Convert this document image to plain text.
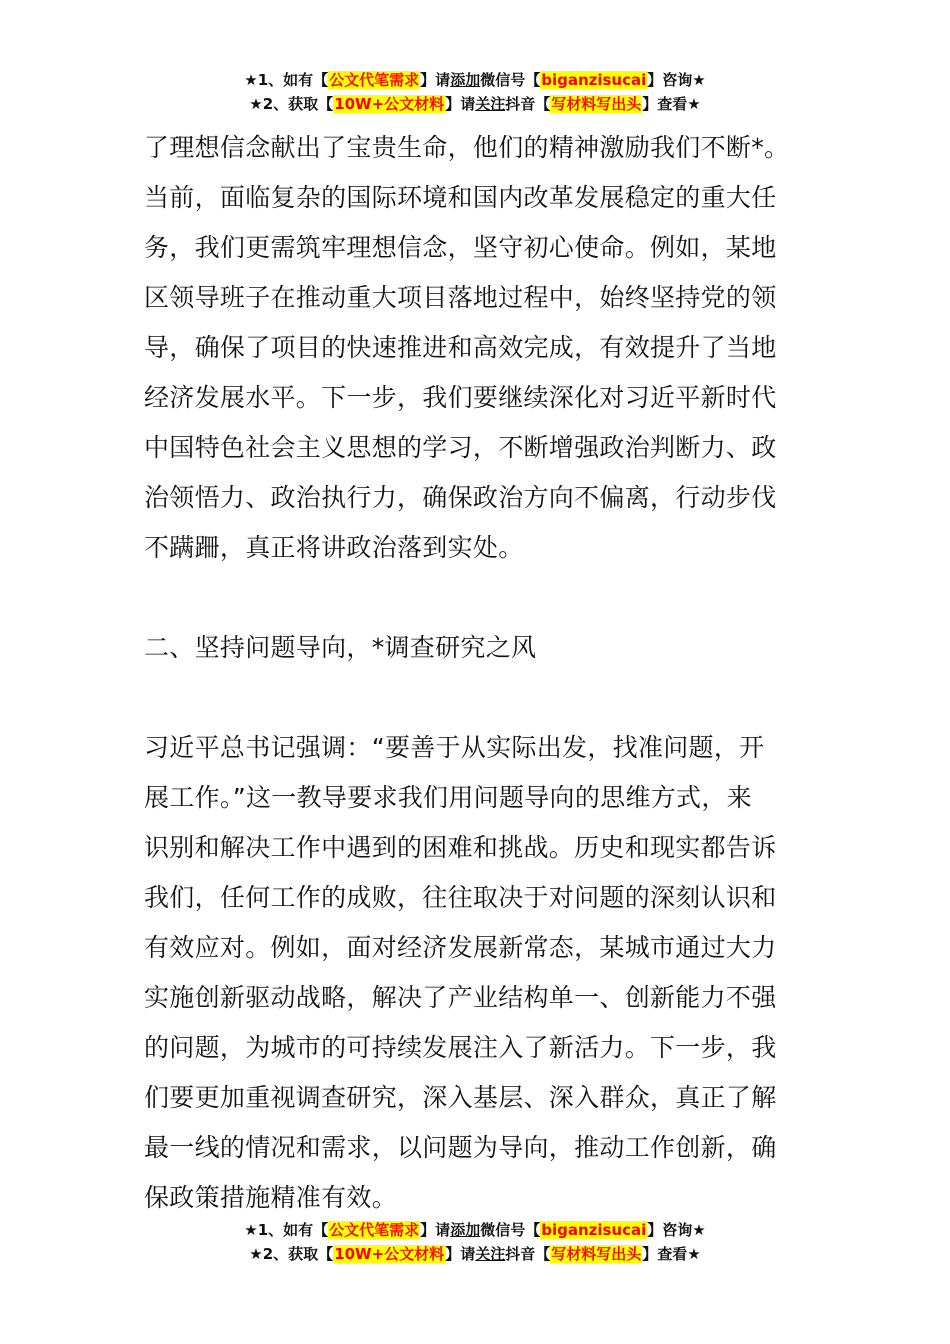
★1、如有【公文代笔需求】请添加微信号【biganzisucai】咨询★
★2、获取【10W+公文材料】请关注抖音【写材料写出头】查看★
了理想信念献出了宝贵生命，他们的精神激励我们不断*。
当前，面临复杂的国际环境和国内改革发展稳定的重大任
务，我们更需筑牢理想信念，坚守初心使命。例如，某地
区领导班子在推动重大项目落地过程中，始终坚持党的领
导，确保了项目的快速推进和高效完成，有效提升了当地
经济发展水平。下一步，我们要继续深化对习近平新时代
中国特色社会主义思想的学习，不断增强政治判断力、政
治领悟力、政治执行力，确保政治方向不偏离，行动步伐
不蹒跚，真正将讲政治落到实处。
二、坚持问题导向，*调查研究之风
习近平总书记强调：“要善于从实际出发，找准问题，开
展工作。”这一教导要求我们用问题导向的思维方式，来
识别和解决工作中遇到的困难和挑战。历史和现实都告诉
我们，任何工作的成败，往往取决于对问题的深刻认识和
有效应对。例如，面对经济发展新常态，某城市通过大力
实施创新驱动战略，解决了产业结构单一、创新能力不强
的问题，为城市的可持续发展注入了新活力。下一步，我
们要更加重视调查研究，深入基层、深入群众，真正了解
最一线的情况和需求，以问题为导向，推动工作创新，确
保政策措施精准有效。
★1、如有【公文代笔需求】请添加微信号【biganzisucai】咨询★
★2、获取【10W+公文材料】请关注抖音【写材料写出头】查看★
